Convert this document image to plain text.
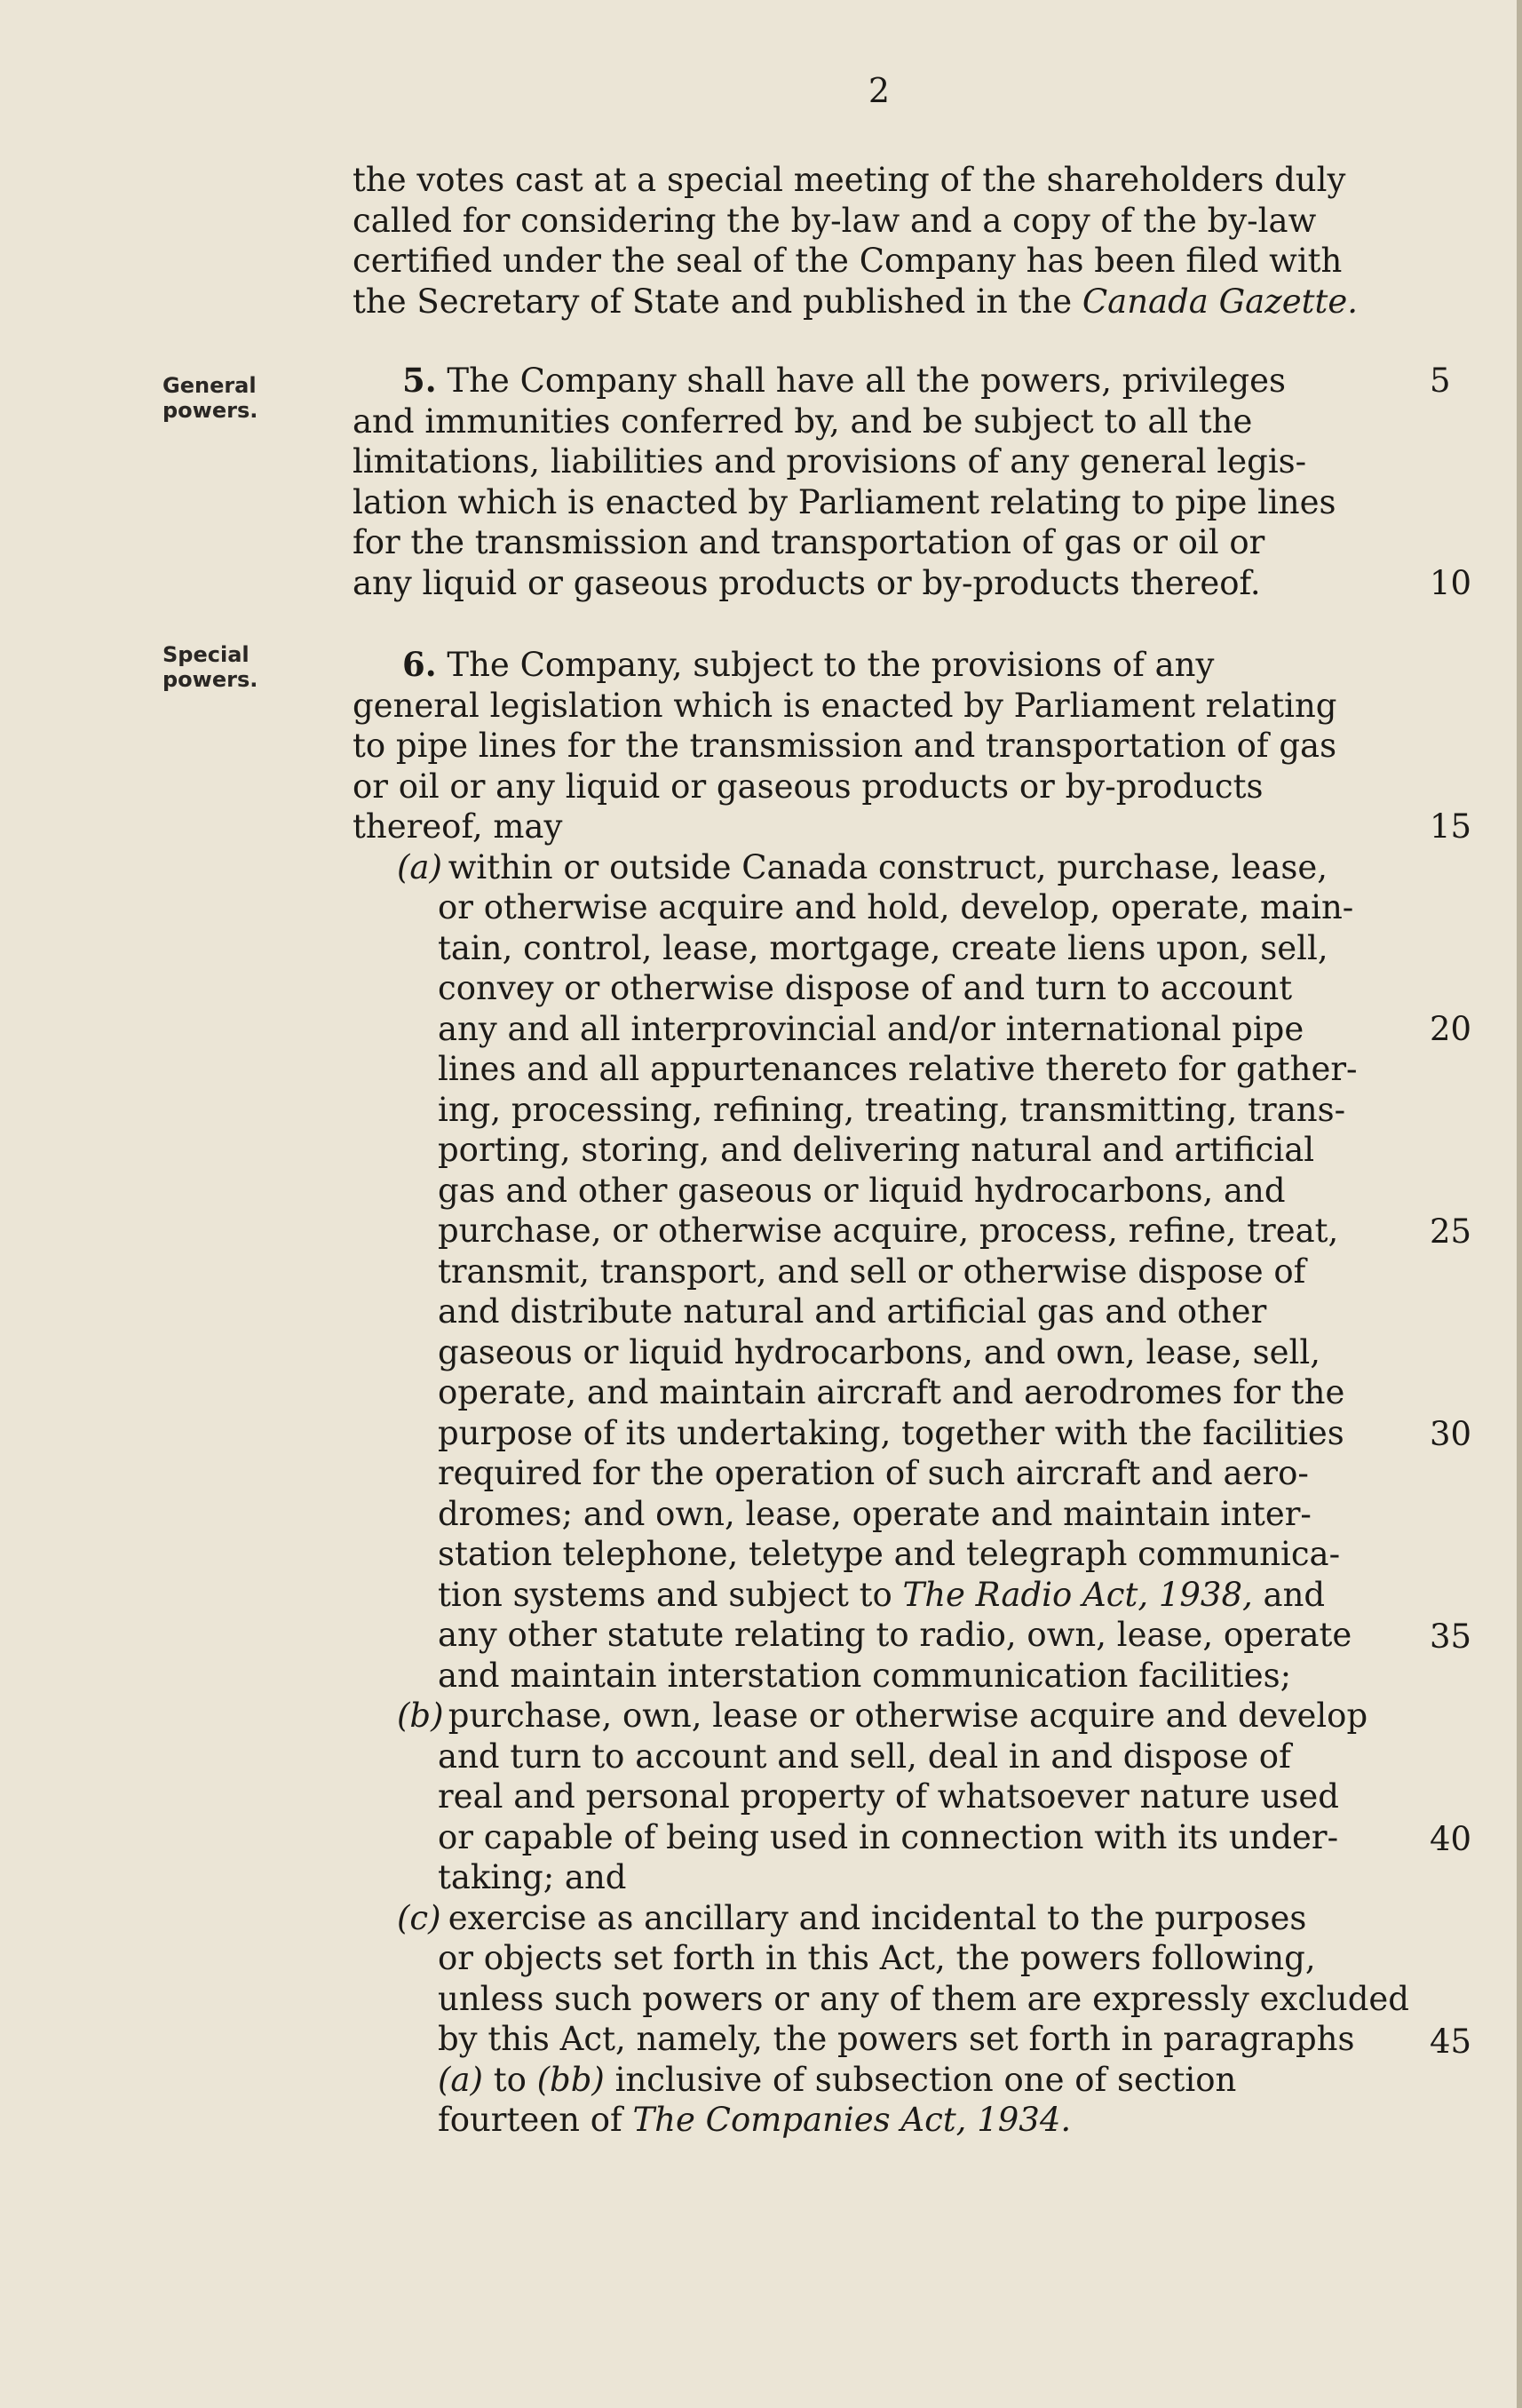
2
General
powers.
Special
powers.
5
10
15
20
25
30
35
40
45
the votes cast at a special meeting of the shareholders duly
called for considering the by-law and a copy of the by-law
certified under the seal of the Company has been filed with
the Secretary of State and published in the Canada Gazette.
5. The Company shall have all the powers, privileges
and immunities conferred by, and be subject to all the
limitations, liabilities and provisions of any general legis-
lation which is enacted by Parliament relating to pipe lines
for the transmission and transportation of gas or oil or
any liquid or gaseous products or by-products thereof.
6. The Company, subject to the provisions of any
general legislation which is enacted by Parliament relating
to pipe lines for the transmission and transportation of gas
or oil or any liquid or gaseous products or by-products
thereof, may
(a) within or outside Canada construct, purchase, lease,
or otherwise acquire and hold, develop, operate, main-
tain, control, lease, mortgage, create liens upon, sell,
convey or otherwise dispose of and turn to account
any and all interprovincial and/or international pipe
lines and all appurtenances relative thereto for gather-
ing, processing, refining, treating, transmitting, trans-
porting, storing, and delivering natural and artificial
gas and other gaseous or liquid hydrocarbons, and
purchase, or otherwise acquire, process, refine, treat,
transmit, transport, and sell or otherwise dispose of
and distribute natural and artificial gas and other
gaseous or liquid hydrocarbons, and own, lease, sell,
operate, and maintain aircraft and aerodromes for the
purpose of its undertaking, together with the facilities
required for the operation of such aircraft and aero-
dromes; and own, lease, operate and maintain inter-
station telephone, teletype and telegraph communica-
tion systems and subject to The Radio Act, 1938, and
any other statute relating to radio, own, lease, operate
and maintain interstation communication facilities;
(b) purchase, own, lease or otherwise acquire and develop
and turn to account and sell, deal in and dispose of
real and personal property of whatsoever nature used
or capable of being used in connection with its under-
taking; and
(c) exercise as ancillary and incidental to the purposes
or objects set forth in this Act, the powers following,
unless such powers or any of them are expressly excluded
by this Act, namely, the powers set forth in paragraphs
(a) to (bb) inclusive of subsection one of section
fourteen of The Companies Act, 1934.
